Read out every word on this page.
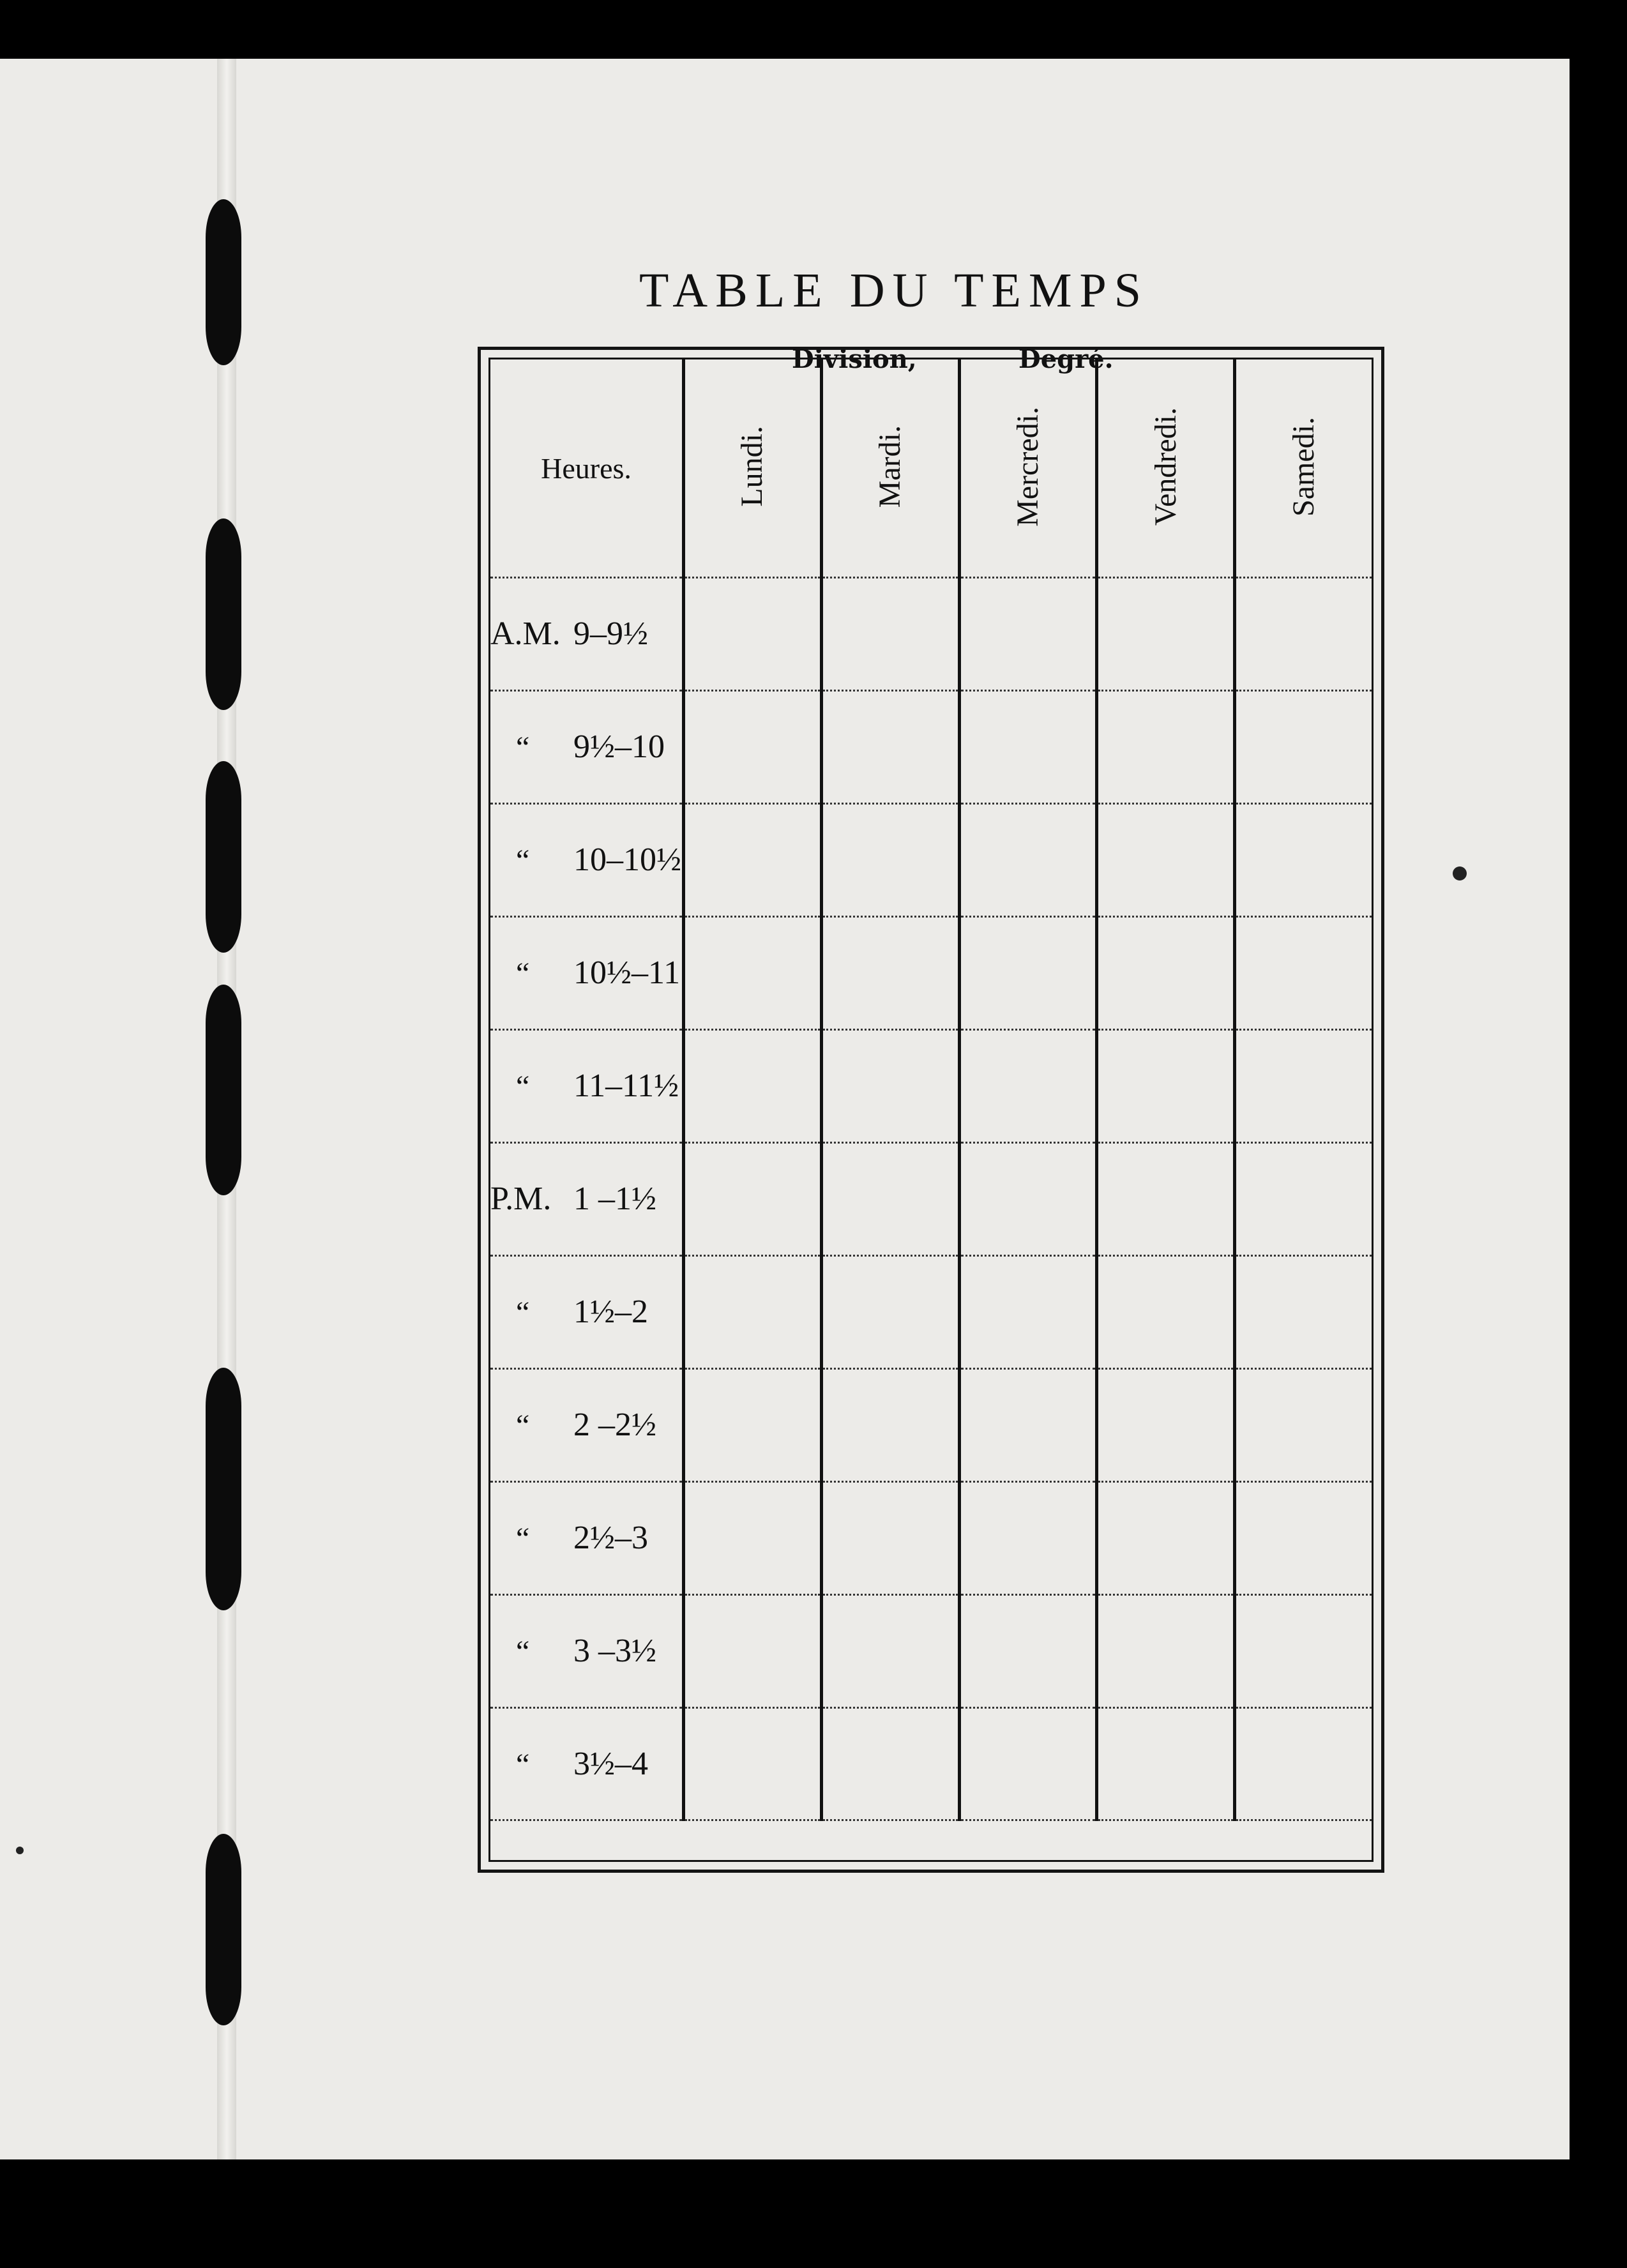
TABLE DU TEMPS
Division,	Degré.
Heures.	Lundi.	Mardi.	Mercredi.	Vendredi.	Samedi.
A.M. 9–9½					
“ 9½–10					
“ 10–10½					
“ 10½–11					
“ 11–11½					
P.M. 1 –1½					
“ 1½–2					
“ 2 –2½					
“ 2½–3					
“ 3 –3½					
“ 3½–4					
